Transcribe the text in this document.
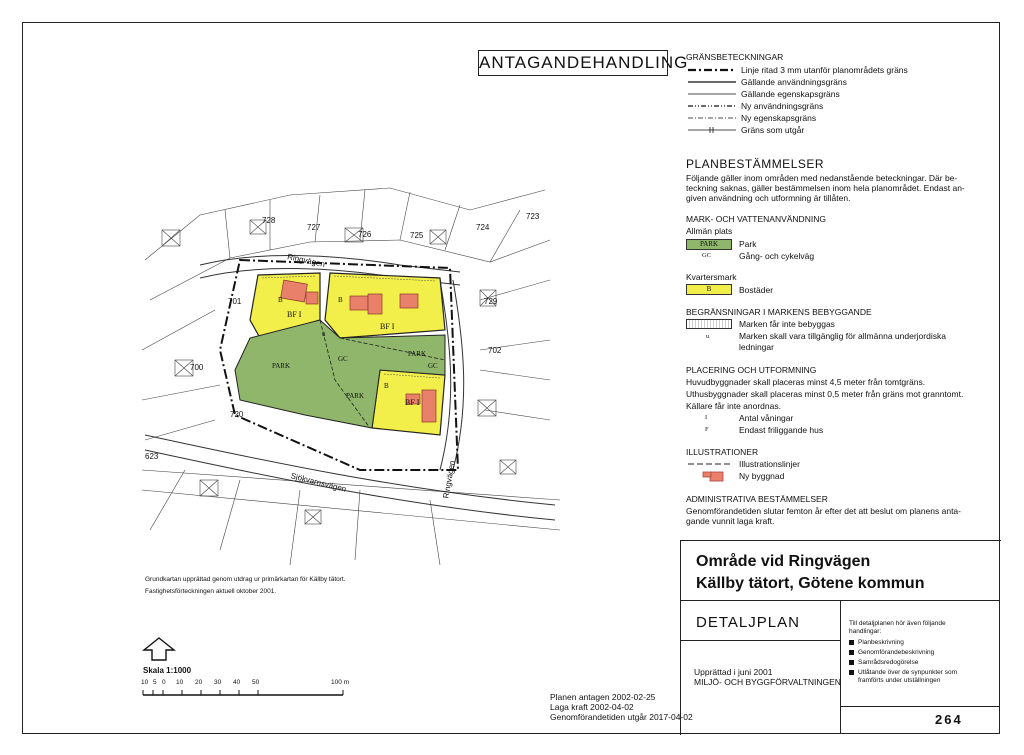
ANTAGANDEHANDLING
GRÄNSBETECKNINGAR
Linje ritad 3 mm utanför planområdets gräns
Gällande användningsgräns
Gällande egenskapsgräns
Ny användningsgräns
Ny egenskapsgräns
Gräns som utgår
PLANBESTÄMMELSER
Följande gäller inom områden med nedanstående beteckningar. Där be-
teckning saknas, gäller bestämmelsen inom hela planområdet. Endast an-
given användning och utformning är tillåten.
MARK- OCH VATTENANVÄNDNING
Allmän plats
PARK	Park
GC	Gång- och cykelväg
Kvartersmark
B	Bostäder
BEGRÄNSNINGAR I MARKENS BEBYGGANDE
Marken får inte bebyggas
u	Marken skall vara tillgänglig för allmänna underjordiska
ledningar
PLACERING OCH UTFORMNING
Huvudbyggnader skall placeras minst 4,5 meter från tomtgräns.
Uthusbyggnader skall placeras minst 0,5 meter från gräns mot granntomt.
Källare får inte anordnas.
I	Antal våningar
F	Endast friliggande hus
ILLUSTRATIONER
Illustrationslinjer
Ny byggnad
ADMINISTRATIVA BESTÄMMELSER
Genomförandetiden slutar femton år efter det att beslut om planens anta-
gande vunnit laga kraft.
Område vid Ringvägen
Källby tätort, Götene kommun
DETALJPLAN
Upprättad i juni 2001
MILJÖ- OCH BYGGFÖRVALTNINGEN
Till detaljplanen hör även följande
handlingar:
Planbeskrivning
Genomförandebeskrivning
Samrådsredogörelse
Utlåtande över de synpunkter som
framförts under utställningen
264
Planen antagen 2002-02-25
Laga kraft 2002-04-02
Genomförandetiden utgår 2017-04-02
Grundkartan upprättad genom utdrag ur primärkartan för Källby tätort.
Fastighetsförteckningen aktuell oktober 2001.
Skala 1:1000
10 5 0 10 20 30 40 50	100 m
Ringvägen
Sjökvarnsvägen	Ringvägen
BF I
BF I
BF I
PARK
PARK
PARK
GC
GC
B	B
B
u
728
727
726	725
724
723
701
700
702
720
623
729
